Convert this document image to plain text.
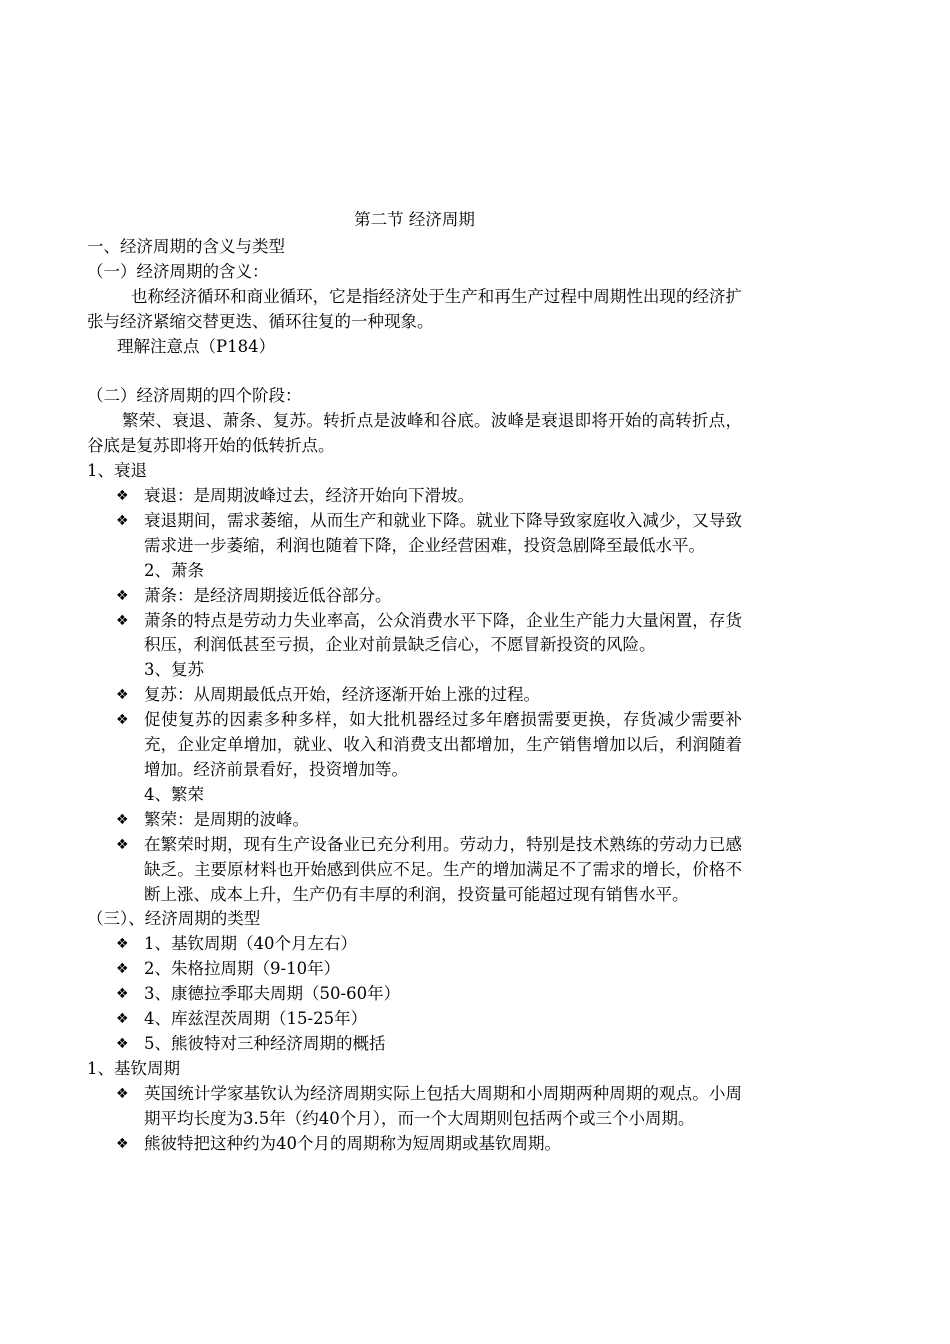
第二节 经济周期

一、经济周期的含义与类型

（一）经济周期的含义：

也称经济循环和商业循环，它是指经济处于生产和再生产过程中周期性出现的经济扩张与经济紧缩交替更迭、循环往复的一种现象。

理解注意点（P184）

（二）经济周期的四个阶段：

繁荣、衰退、萧条、复苏。转折点是波峰和谷底。波峰是衰退即将开始的高转折点，谷底是复苏即将开始的低转折点。

1、衰退

❖ 衰退：是周期波峰过去，经济开始向下滑坡。
❖ 衰退期间，需求萎缩，从而生产和就业下降。就业下降导致家庭收入减少，又导致需求进一步萎缩，利润也随着下降，企业经营困难，投资急剧降至最低水平。

2、萧条

❖ 萧条：是经济周期接近低谷部分。
❖ 萧条的特点是劳动力失业率高，公众消费水平下降，企业生产能力大量闲置，存货积压，利润低甚至亏损，企业对前景缺乏信心，不愿冒新投资的风险。

3、复苏

❖ 复苏：从周期最低点开始，经济逐渐开始上涨的过程。
❖ 促使复苏的因素多种多样，如大批机器经过多年磨损需要更换，存货减少需要补充，企业定单增加，就业、收入和消费支出都增加，生产销售增加以后，利润随着增加。经济前景看好，投资增加等。

4、繁荣

❖ 繁荣：是周期的波峰。
❖ 在繁荣时期，现有生产设备业已充分利用。劳动力，特别是技术熟练的劳动力已感缺乏。主要原材料也开始感到供应不足。生产的增加满足不了需求的增长，价格不断上涨、成本上升，生产仍有丰厚的利润，投资量可能超过现有销售水平。

（三）、经济周期的类型

❖ 1、基钦周期（40个月左右）
❖ 2、朱格拉周期（9-10年）
❖ 3、康德拉季耶夫周期（50-60年）
❖ 4、库兹涅茨周期（15-25年）
❖ 5、熊彼特对三种经济周期的概括

1、基钦周期

❖ 英国统计学家基钦认为经济周期实际上包括大周期和小周期两种周期的观点。小周期平均长度为3.5年（约40个月），而一个大周期则包括两个或三个小周期。
❖ 熊彼特把这种约为40个月的周期称为短周期或基钦周期。
